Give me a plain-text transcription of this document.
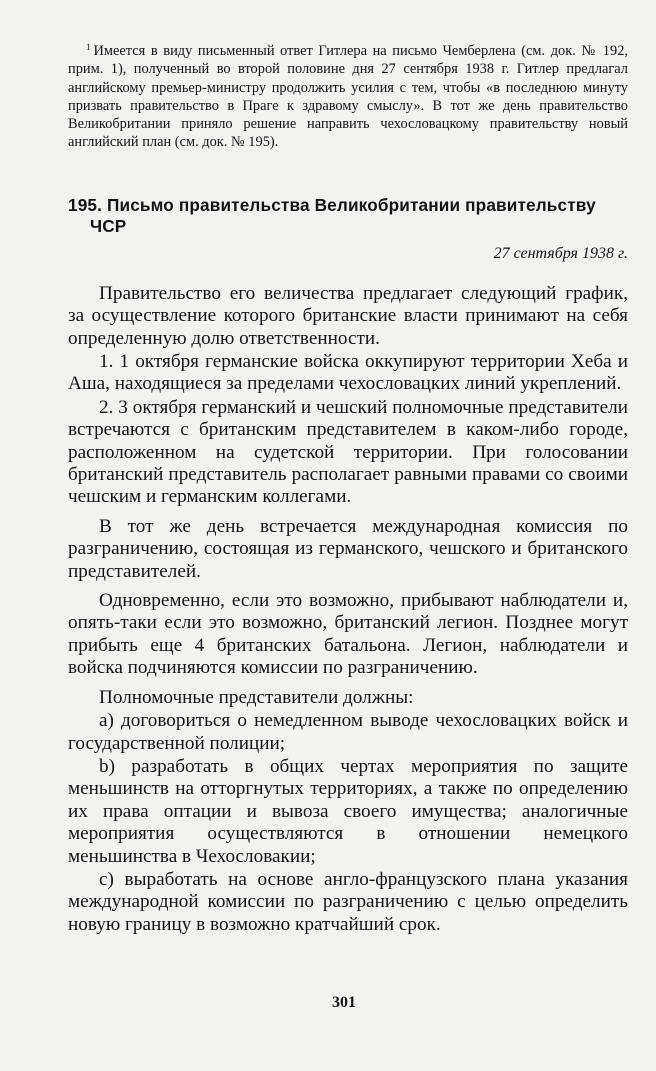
$^1$ Имеется в виду письменный ответ Гитлера на письмо Чемберлена (см. док. № 192, прим. 1), полученный во второй половине дня 27 сентября 1938 г. Гитлер предлагал английскому премьер-министру продолжить усилия с тем, чтобы «в последнюю минуту призвать правительство в Праге к здравому смыслу». В тот же день правительство Великобритании приняло решение направить чехословацкому правительству новый английский план (см. док. № 195).

195. Письмо правительства Великобритании правительству ЧСР

27 сентября 1938 г.

Правительство его величества предлагает следующий график, за осуществление которого британские власти принимают на себя определенную долю ответственности.

1. 1 октября германские войска оккупируют территории Хеба и Аша, находящиеся за пределами чехословацких линий укреплений.

2. 3 октября германский и чешский полномочные представители встречаются с британским представителем в каком-либо городе, расположенном на судетской территории. При голосовании британский представитель располагает равными правами со своими чешским и германским коллегами.

В тот же день встречается международная комиссия по разграничению, состоящая из германского, чешского и британского представителей.

Одновременно, если это возможно, прибывают наблюдатели и, опять-таки если это возможно, британский легион. Позднее могут прибыть еще 4 британских батальона. Легион, наблюдатели и войска подчиняются комиссии по разграничению.

Полномочные представители должны:

a) договориться о немедленном выводе чехословацких войск и государственной полиции;

b) разработать в общих чертах мероприятия по защите меньшинств на отторгнутых территориях, а также по определению их права оптации и вывоза своего имущества; аналогичные мероприятия осуществляются в отношении немецкого меньшинства в Чехословакии;

c) выработать на основе англо-французского плана указания международной комиссии по разграничению с целью определить новую границу в возможно кратчайший срок.

301
